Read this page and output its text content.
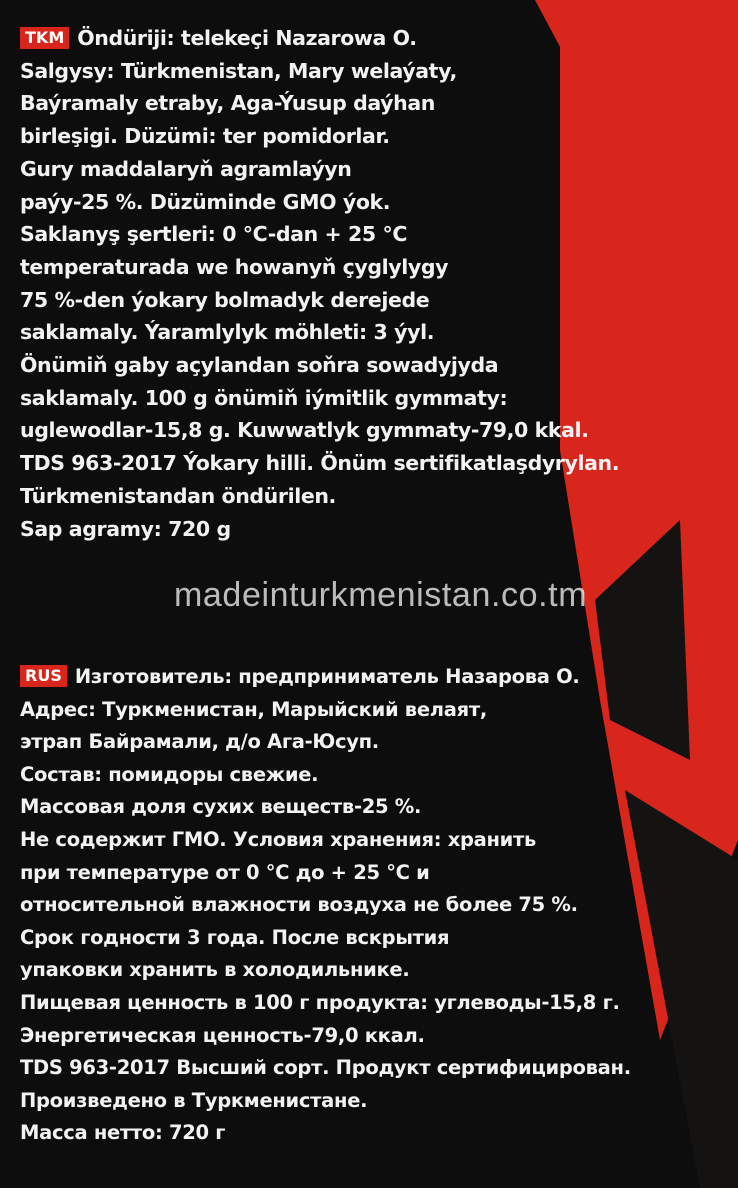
TKM Öndüriji: telekeçi Nazarowa O.
Salgysy: Türkmenistan, Mary welaýaty,
Baýramaly etraby, Aga-Ýusup daýhan
birleşigi. Düzümi: ter pomidorlar.
Gury maddalaryň agramlaýyn
paýy-25 %. Düzüminde GMO ýok.
Saklanyş şertleri: 0 °C-dan + 25 °C
temperaturada we howanyň çyglylygy
75 %-den ýokary bolmadyk derejede
saklamaly. Ýaramlylyk möhleti: 3 ýyl.
Önümiň gaby açylandan soňra sowadyjyda
saklamaly. 100 g önümiň iýmitlik gymmaty:
uglewodlar-15,8 g. Kuwwatlyk gymmaty-79,0 kkal.
TDS 963-2017 Ýokary hilli. Önüm sertifikatlaşdyrylan.
Türkmenistandan öndürilen.
Sap agramy: 720 g
madeinturkmenistan.co.tm
RUS Изготовитель: предприниматель Назарова О.
Адрес: Туркменистан, Марыйский велаят,
этрап Байрамали, д/о Ага-Юсуп.
Состав: помидоры свежие.
Массовая доля сухих веществ-25 %.
Не содержит ГМО. Условия хранения: хранить
при температуре от 0 °С до + 25 °С и
относительной влажности воздуха не более 75 %.
Срок годности 3 года. После вскрытия
упаковки хранить в холодильнике.
Пищевая ценность в 100 г продукта: углеводы-15,8 г.
Энергетическая ценность-79,0 ккал.
TDS 963-2017 Высший сорт. Продукт сертифицирован.
Произведено в Туркменистане.
Масса нетто: 720 г
